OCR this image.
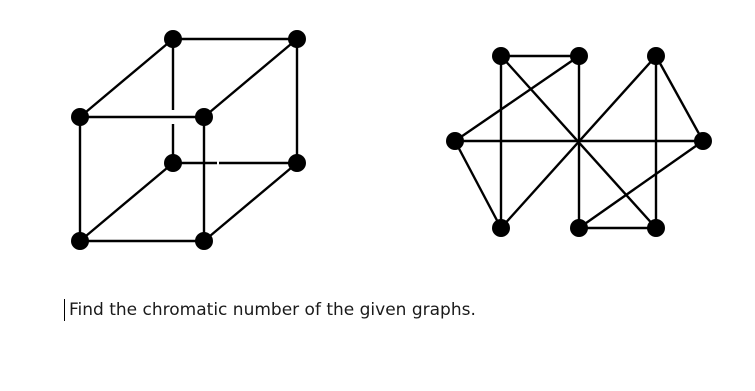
Find the chromatic number of the given graphs.
